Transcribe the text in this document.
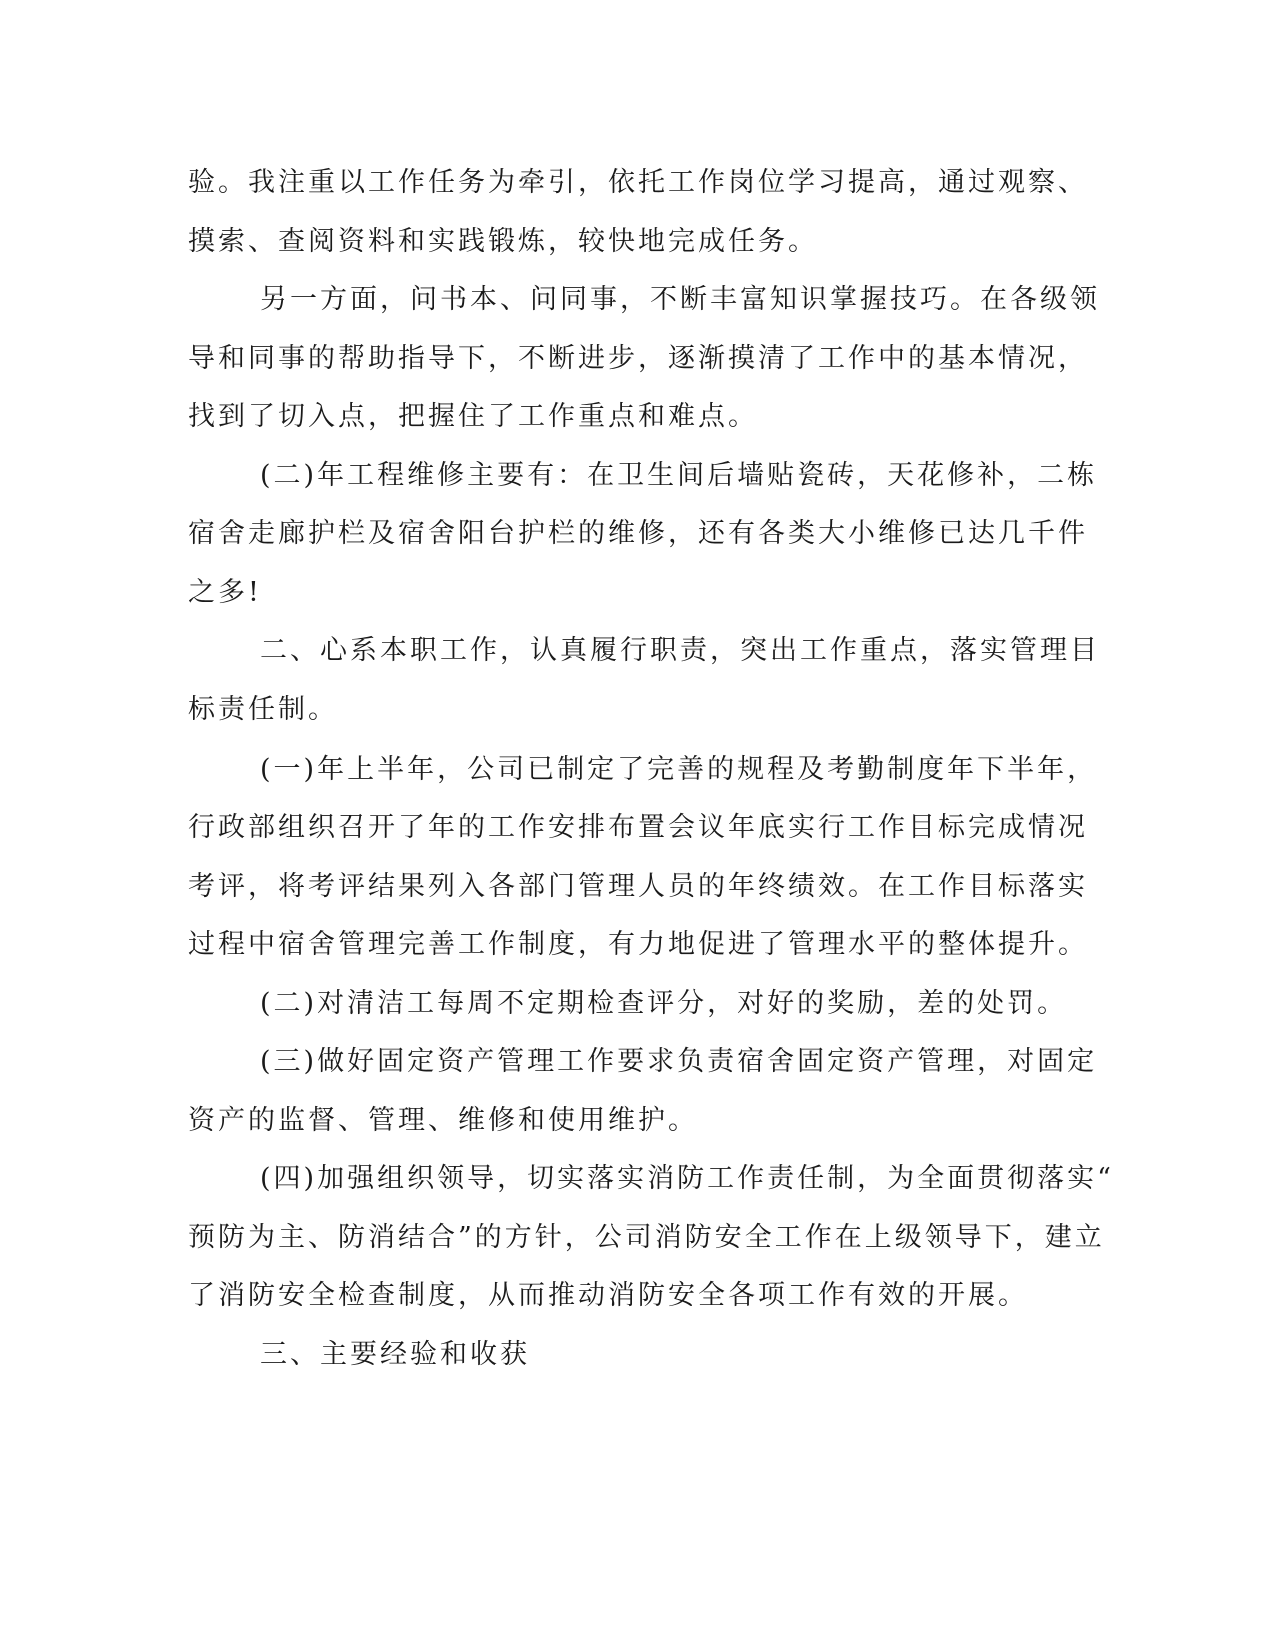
验。我注重以工作任务为牵引，依托工作岗位学习提高，通过观察、
摸索、查阅资料和实践锻炼，较快地完成任务。
另一方面，问书本、问同事，不断丰富知识掌握技巧。在各级领
导和同事的帮助指导下，不断进步，逐渐摸清了工作中的基本情况，
找到了切入点，把握住了工作重点和难点。
(二)年工程维修主要有：在卫生间后墙贴瓷砖，天花修补，二栋
宿舍走廊护栏及宿舍阳台护栏的维修，还有各类大小维修已达几千件
之多!
二、心系本职工作，认真履行职责，突出工作重点，落实管理目
标责任制。
(一)年上半年，公司已制定了完善的规程及考勤制度年下半年，
行政部组织召开了年的工作安排布置会议年底实行工作目标完成情况
考评，将考评结果列入各部门管理人员的年终绩效。在工作目标落实
过程中宿舍管理完善工作制度，有力地促进了管理水平的整体提升。
(二)对清洁工每周不定期检查评分，对好的奖励，差的处罚。
(三)做好固定资产管理工作要求负责宿舍固定资产管理，对固定
资产的监督、管理、维修和使用维护。
(四)加强组织领导，切实落实消防工作责任制，为全面贯彻落实“
预防为主、防消结合”的方针，公司消防安全工作在上级领导下，建立
了消防安全检查制度，从而推动消防安全各项工作有效的开展。
三、主要经验和收获
